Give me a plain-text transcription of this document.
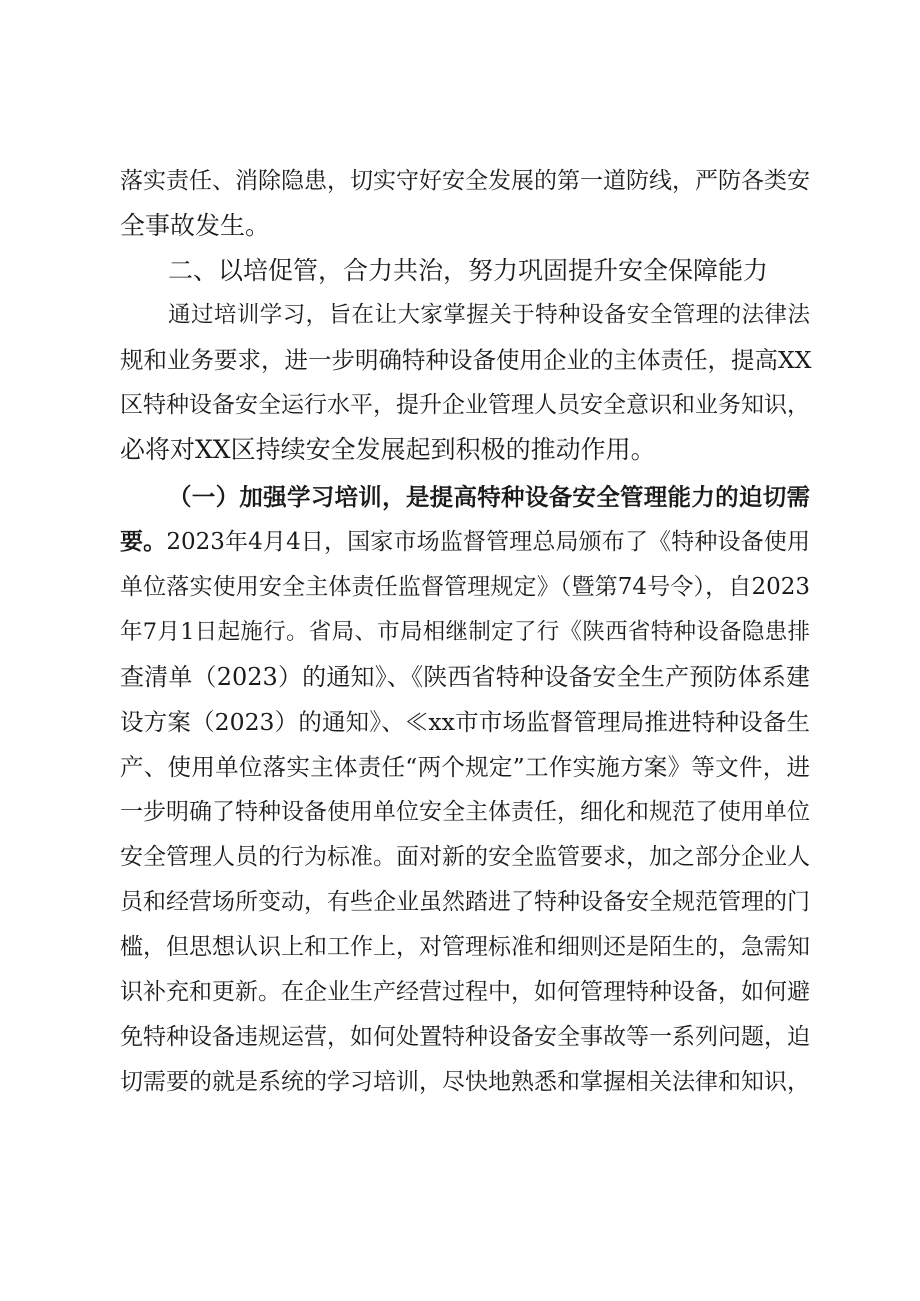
落实责任、消除隐患，切实守好安全发展的第一道防线，严防各类安
全事故发生。
二、以培促管，合力共治，努力巩固提升安全保障能力
通过培训学习，旨在让大家掌握关于特种设备安全管理的法律法
规和业务要求，进一步明确特种设备使用企业的主体责任，提高XX
区特种设备安全运行水平，提升企业管理人员安全意识和业务知识，
必将对XX区持续安全发展起到积极的推动作用。
（一）加强学习培训，是提高特种设备安全管理能力的迫切需
要。2023年4月4日，国家市场监督管理总局颁布了《特种设备使用
单位落实使用安全主体责任监督管理规定》（暨第74号令），自2023
年7月1日起施行。省局、市局相继制定了行《陕西省特种设备隐患排
查清单（2023）的通知》、《陕西省特种设备安全生产预防体系建
设方案（2023）的通知》、≪xx市市场监督管理局推进特种设备生
产、使用单位落实主体责任“两个规定”工作实施方案》等文件，进
一步明确了特种设备使用单位安全主体责任，细化和规范了使用单位
安全管理人员的行为标准。面对新的安全监管要求，加之部分企业人
员和经营场所变动，有些企业虽然踏进了特种设备安全规范管理的门
槛，但思想认识上和工作上，对管理标准和细则还是陌生的，急需知
识补充和更新。在企业生产经营过程中，如何管理特种设备，如何避
免特种设备违规运营，如何处置特种设备安全事故等一系列问题，迫
切需要的就是系统的学习培训，尽快地熟悉和掌握相关法律和知识，
